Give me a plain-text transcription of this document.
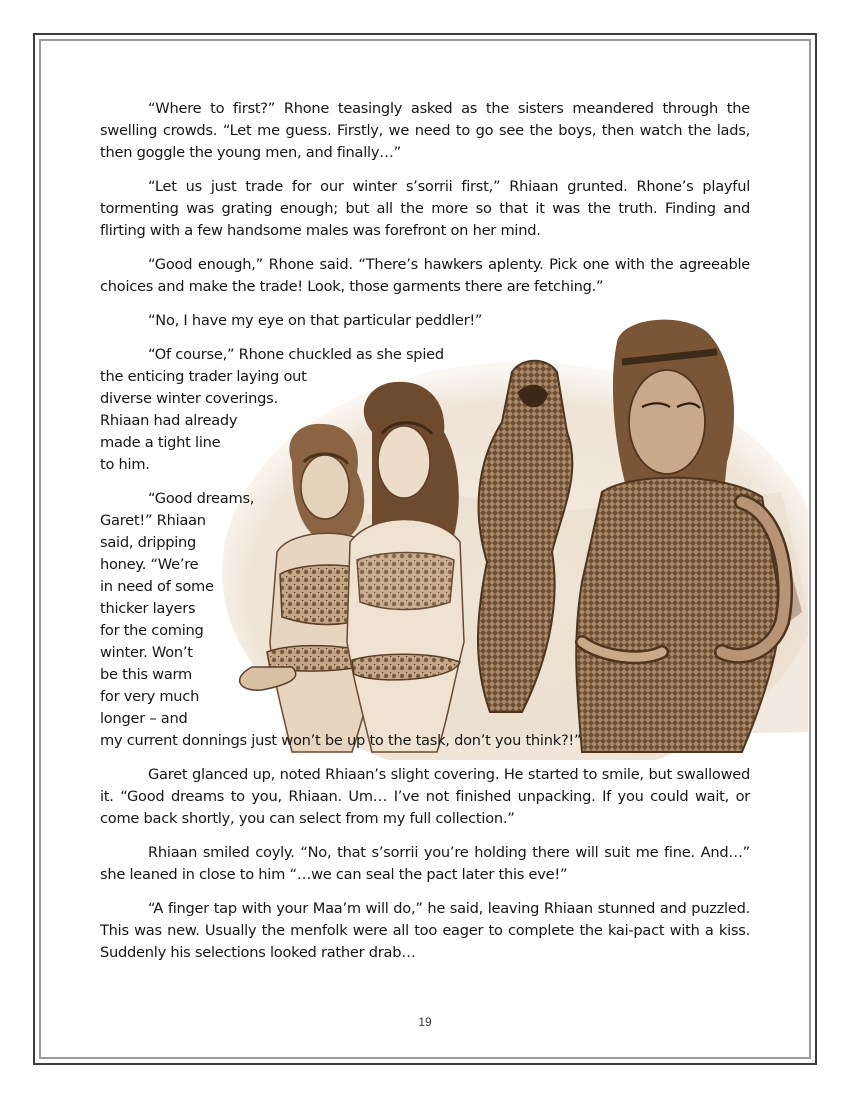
“Where to first?” Rhone teasingly asked as the sisters meandered through the swelling crowds. “Let me guess. Firstly, we need to go see the boys, then watch the lads, then goggle the young men, and finally…”

“Let us just trade for our winter s’sorrii first,” Rhiaan grunted. Rhone’s playful tormenting was grating enough; but all the more so that it was the truth. Finding and flirting with a few handsome males was forefront on her mind.

“Good enough,” Rhone said. “There’s hawkers aplenty. Pick one with the agreeable choices and make the trade! Look, those garments there are fetching.”

“No, I have my eye on that particular peddler!”

“Of course,” Rhone chuckled as she spied
the enticing trader laying out
diverse winter coverings.
Rhiaan had already
made a tight line
to him.
“Good dreams,
Garet!” Rhiaan
said, dripping
honey. “We’re
in need of some
thicker layers
for the coming
winter. Won’t
be this warm
for very much
longer – and
my current donnings just won’t be up to the task, don’t you think?!”

Garet glanced up, noted Rhiaan’s slight covering. He started to smile, but swallowed it. “Good dreams to you, Rhiaan. Um… I’ve not finished unpacking. If you could wait, or come back shortly, you can select from my full collection.”

Rhiaan smiled coyly. “No, that s’sorrii you’re holding there will suit me fine. And…” she leaned in close to him “…we can seal the pact later this eve!”

“A finger tap with your Maa’m will do,” he said, leaving Rhiaan stunned and puzzled. This was new. Usually the menfolk were all too eager to complete the kai-pact with a kiss. Suddenly his selections looked rather drab…

19
